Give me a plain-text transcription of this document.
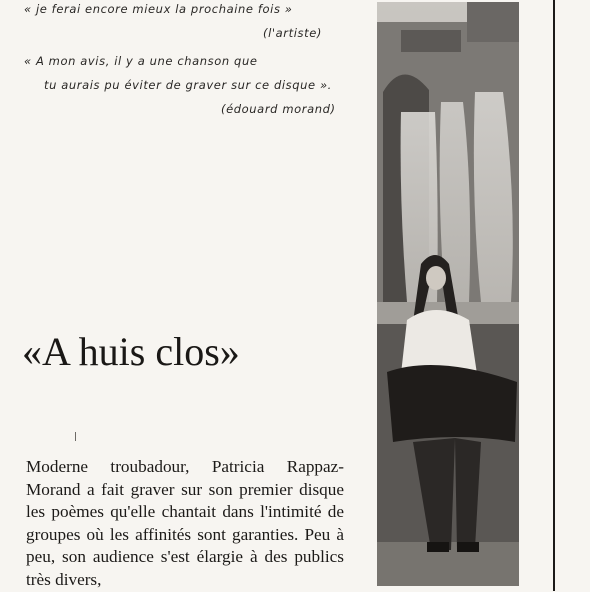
« je ferai encore mieux la prochaine fois »
(l'artiste)
« A mon avis, il y a une chanson que
tu aurais pu éviter de graver sur ce disque ».
(édouard morand)
«A huis clos»
Moderne troubadour, Patricia Rappaz-Morand a fait graver sur son premier disque les poèmes qu'elle chantait dans l'intimité de groupes où les affinités sont garanties. Peu à peu, son audience s'est élargie à des publics très divers,
